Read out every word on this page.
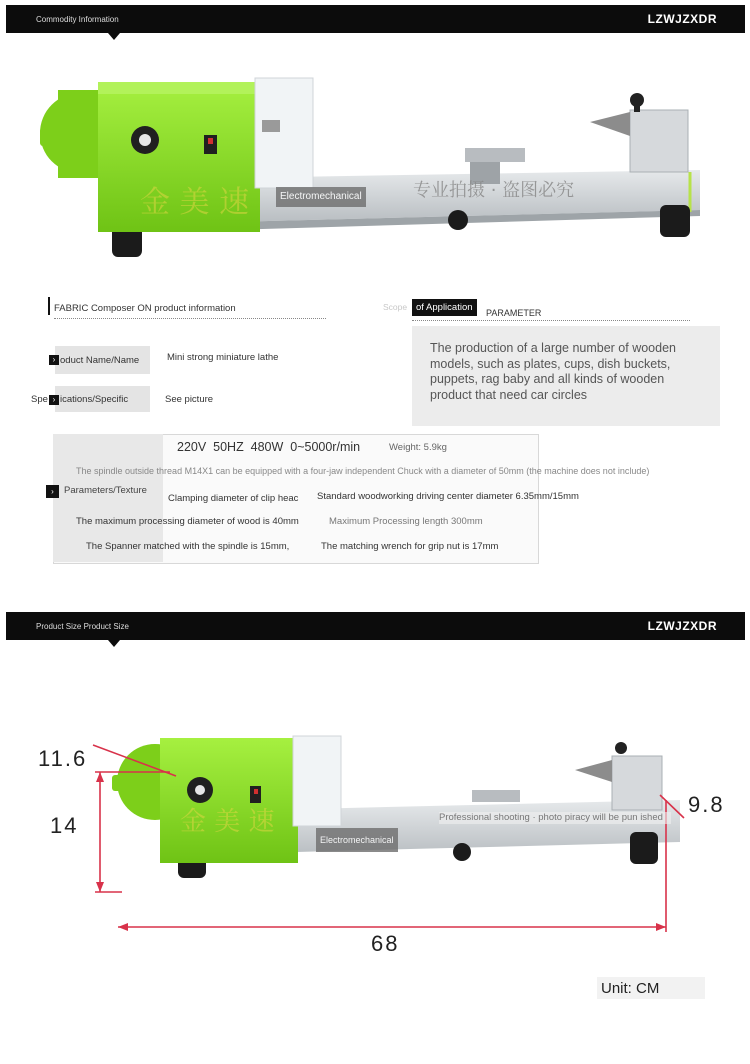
Commodity Information	LZWJZXDR
金 美 速	Electromechanical	专业拍摄 · 盗图必究
FABRIC Composer ON product information	Scope of Application	PARAMETER
The production of a large number of wooden models, such as plates, cups, dish buckets, puppets, rag baby and all kinds of wooden product that need car circles
› oduct Name/Name	Mini strong miniature lathe
Spe › ications/Specific	See picture
›	Parameters/Texture
220V  50HZ  480W  0~5000r/min	Weight: 5.9kg
The spindle outside thread M14X1 can be equipped with a four-jaw independent Chuck with a diameter of 50mm (the machine does not include)
Clamping diameter of clip heac	Standard woodworking driving center diameter 6.35mm/15mm
The maximum processing diameter of wood is 40mm	Maximum Processing length 300mm
The Spanner matched with the spindle is 15mm,	The matching wrench for grip nut is 17mm
Product Size Product Size	LZWJZXDR
金 美 速
11.6
14
9.8
68
Electromechanical
Professional shooting · photo piracy will be pun ished
Unit: CM
